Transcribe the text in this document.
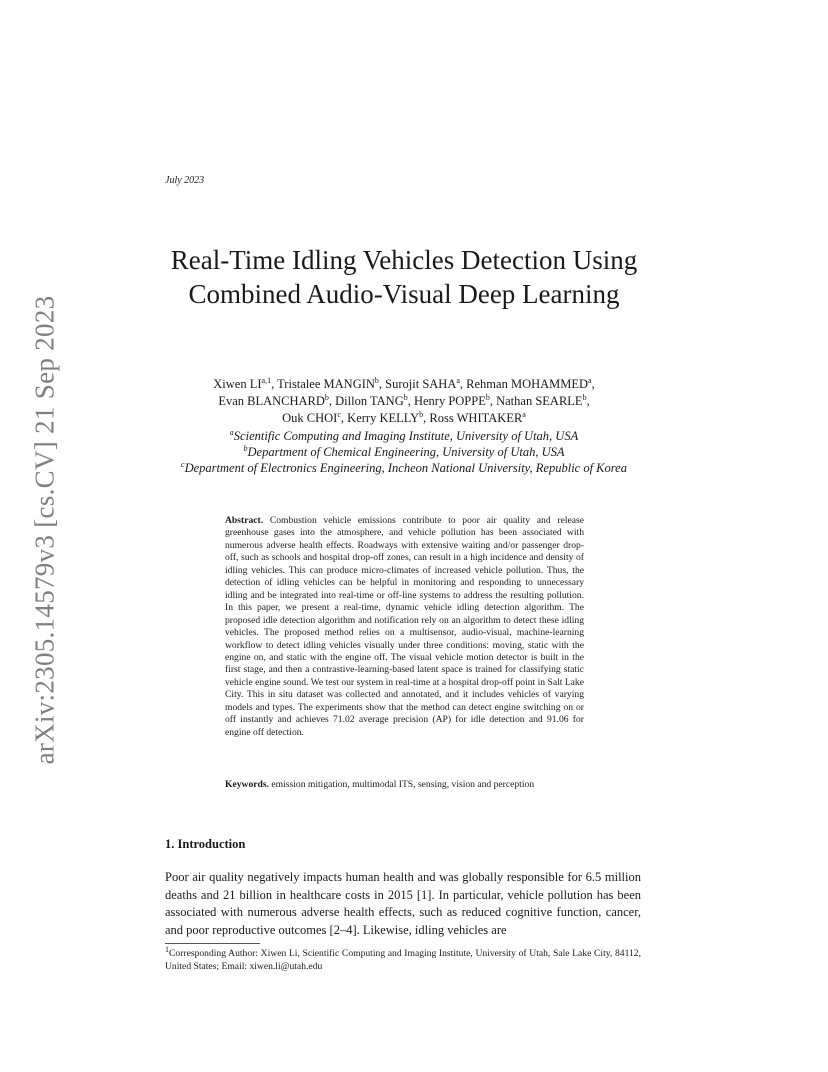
arXiv:2305.14579v3 [cs.CV] 21 Sep 2023
July 2023
Real-Time Idling Vehicles Detection Using Combined Audio-Visual Deep Learning
Xiwen LI$^{a,1}$, Tristalee MANGIN$^b$, Surojit SAHA$^a$, Rehman MOHAMMED$^a$,
Evan BLANCHARD$^b$, Dillon TANG$^b$, Henry POPPE$^b$, Nathan SEARLE$^b$,
Ouk CHOI$^c$, Kerry KELLY$^b$, Ross WHITAKER$^a$
$^a$Scientific Computing and Imaging Institute, University of Utah, USA
$^b$Department of Chemical Engineering, University of Utah, USA
$^c$Department of Electronics Engineering, Incheon National University, Republic of Korea

Abstract. Combustion vehicle emissions contribute to poor air quality and release greenhouse gases into the atmosphere, and vehicle pollution has been associated with numerous adverse health effects. Roadways with extensive waiting and/or passenger drop-off, such as schools and hospital drop-off zones, can result in a high incidence and density of idling vehicles. This can produce micro-climates of increased vehicle pollution. Thus, the detection of idling vehicles can be helpful in monitoring and responding to unnecessary idling and be integrated into real-time or off-line systems to address the resulting pollution. In this paper, we present a real-time, dynamic vehicle idling detection algorithm. The proposed idle detection algorithm and notification rely on an algorithm to detect these idling vehicles. The proposed method relies on a multisensor, audio-visual, machine-learning workflow to detect idling vehicles visually under three conditions: moving, static with the engine on, and static with the engine off. The visual vehicle motion detector is built in the first stage, and then a contrastive-learning-based latent space is trained for classifying static vehicle engine sound. We test our system in real-time at a hospital drop-off point in Salt Lake City. This in situ dataset was collected and annotated, and it includes vehicles of varying models and types. The experiments show that the method can detect engine switching on or off instantly and achieves 71.02 average precision (AP) for idle detection and 91.06 for engine off detection.

Keywords. emission mitigation, multimodal ITS, sensing, vision and perception

1. Introduction

Poor air quality negatively impacts human health and was globally responsible for 6.5 million deaths and 21 billion in healthcare costs in 2015 [1]. In particular, vehicle pollution has been associated with numerous adverse health effects, such as reduced cognitive function, cancer, and poor reproductive outcomes [2–4]. Likewise, idling vehicles are

$^1$Corresponding Author: Xiwen Li, Scientific Computing and Imaging Institute, University of Utah, Sale Lake City, 84112, United States; Email: xiwen.li@utah.edu
